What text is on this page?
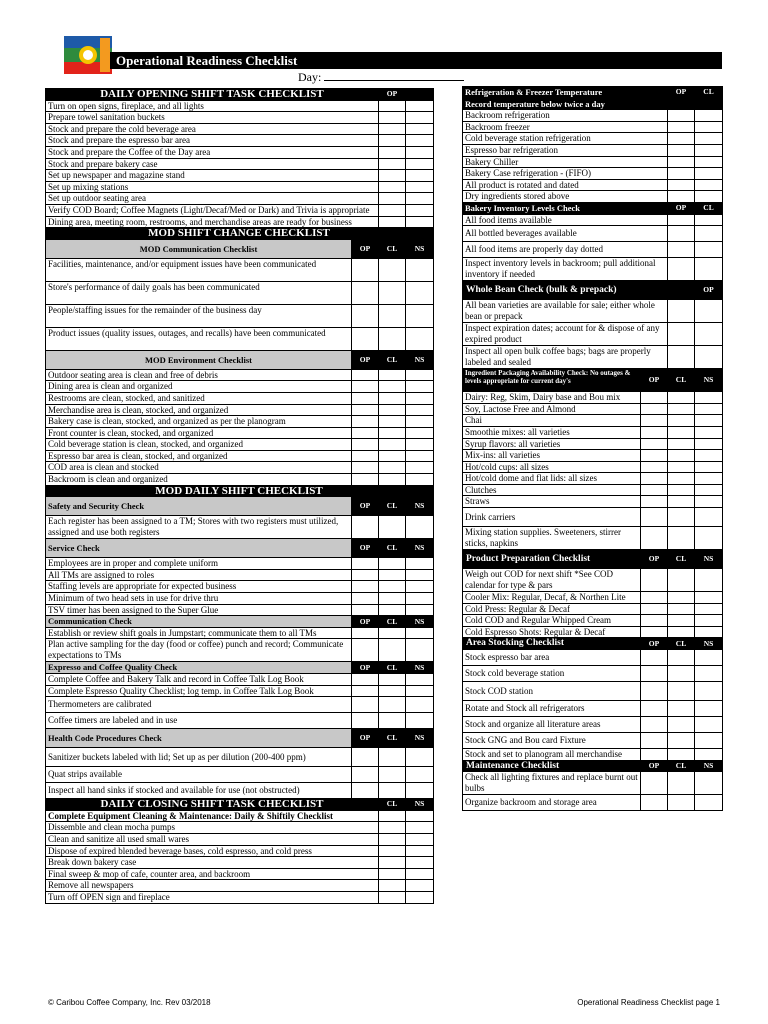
Operational Readiness Checklist
Day:
DAILY OPENING SHIFT TASK CHECKLIST	OP
Turn on open signs, fireplace, and all lights
Prepare towel sanitation buckets
Stock and prepare the cold beverage area
Stock and prepare the espresso bar area
Stock and prepare the Coffee of the Day area
Stock and prepare bakery case
Set up newspaper and magazine stand
Set up mixing stations
Set up outdoor seating area
Verify COD Board; Coffee Magnets (Light/Decaf/Med or Dark) and Trivia is appropriate
Dining area, meeting room, restrooms, and merchandise areas are ready for business
MOD SHIFT CHANGE CHECKLIST
MOD Communication Checklist	OP	CL	NS
Facilities, maintenance, and/or equipment issues have been communicated
Store's performance of daily goals has been communicated
People/staffing issues for the remainder of the business day
Product issues (quality issues, outages, and recalls) have been communicated
MOD Environment Checklist	OP	CL	NS
Outdoor seating area is clean and free of debris
Dining area is clean and organized
Restrooms are clean, stocked, and sanitized
Merchandise area is clean, stocked, and organized
Bakery case is clean, stocked, and organized as per the planogram
Front counter is clean, stocked, and organized
Cold beverage station is clean, stocked, and organized
Espresso bar area is clean, stocked, and organized
COD area is clean and stocked
Backroom is clean and organized
MOD DAILY SHIFT CHECKLIST
Safety and Security Check	OP	CL	NS
Each register has been assigned to a TM; Stores with two registers must utilized, assigned and use both registers
Service Check	OP	CL	NS
Employees are in proper and complete uniform
All TMs are assigned to roles
Staffing levels are appropriate for expected business
Minimum of two head sets in use for drive thru
TSV timer has been assigned to the Super Glue
Communication Check	OP	CL	NS
Establish or review shift goals in Jumpstart; communicate them to all TMs
Plan active sampling for the day (food or coffee) punch and record; Communicate expectations to TMs
Expresso and Coffee Quality Check	OP	CL	NS
Complete Coffee and Bakery Talk and record in Coffee Talk Log Book
Complete Espresso Quality Checklist; log temp. in Coffee Talk Log Book
Thermometers are calibrated
Coffee timers are labeled and in use
Health Code Procedures Check	OP	CL	NS
Sanitizer buckets labeled with lid; Set up as per dilution (200-400 ppm)
Quat strips available
Inspect all hand sinks if stocked and available for use (not obstructed)
DAILY CLOSING SHIFT TASK CHECKLIST	CL	NS
Complete Equipment Cleaning & Maintenance: Daily & Shiftily Checklist
Dissemble and clean mocha pumps
Clean and sanitize all used small wares
Dispose of expired blended beverage bases, cold espresso, and cold press
Break down bakery case
Final sweep & mop of cafe, counter area, and backroom
Remove all newspapers
Turn off OPEN sign and fireplace
Refrigeration & Freezer Temperature	OP	CL
Record temperature below twice a day
Backroom refrigeration
Backroom freezer
Cold beverage station refrigeration
Espresso bar refrigeration
Bakery Chiller
Bakery Case refrigeration - (FIFO)
All product is rotated and dated
Dry ingredients stored above
Bakery Inventory Levels Check	OP	CL
All food items available
All bottled beverages available
All food items are properly day dotted
Inspect inventory levels in backroom; pull additional inventory if needed
Whole Bean Check (bulk & prepack)	OP
All bean varieties are available for sale; either whole bean or prepack
Inspect expiration dates; account for & dispose of any expired product
Inspect all open bulk coffee bags; bags are properly labeled and sealed
Ingredient Packaging Availability Check: No outages & levels appropriate for current day's	OP	CL	NS
Dairy: Reg, Skim, Dairy base and Bou mix
Soy, Lactose Free and Almond
Chai
Smoothie mixes: all varieties
Syrup flavors: all varieties
Mix-ins: all varieties
Hot/cold cups: all sizes
Hot/cold dome and flat lids: all sizes
Clutches
Straws
Drink carriers
Mixing station supplies. Sweeteners, stirrer sticks, napkins
Product Preparation Checklist	OP	CL	NS
Weigh out COD for next shift *See COD calendar for type & pars
Cooler Mix: Regular, Decaf, & Northen Lite
Cold Press: Regular & Decaf
Cold COD and Regular Whipped Cream
Cold Espresso Shots: Regular & Decaf
Area Stocking Checklist	OP	CL	NS
Stock espresso bar area
Stock cold beverage station
Stock COD station
Rotate and Stock all refrigerators
Stock and organize all literature areas
Stock GNG and Bou card Fixture
Stock and set to planogram all merchandise
Maintenance Checklist	OP	CL	NS
Check all lighting fixtures and replace burnt out bulbs
Organize backroom and storage area
© Caribou Coffee Company, Inc. Rev 03/2018	Operational Readiness Checklist page 1
